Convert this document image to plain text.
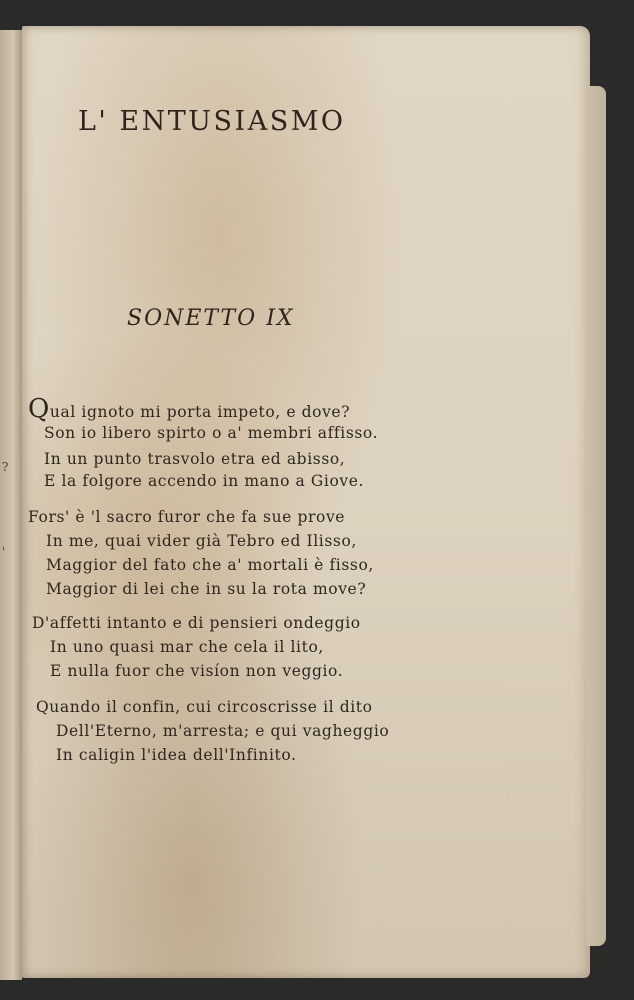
?
'
L' ENTUSIASMO
SONETTO IX
Qual ignoto mi porta impeto, e dove?
Son io libero spirto o a' membri affisso.
In un punto trasvolo etra ed abisso,
E la folgore accendo in mano a Giove.
Fors' è 'l sacro furor che fa sue prove
In me, quai vider già Tebro ed Ilisso,
Maggior del fato che a' mortali è fisso,
Maggior di lei che in su la rota move?
D'affetti intanto e di pensieri ondeggio
In uno quasi mar che cela il lito,
E nulla fuor che visíon non veggio.
Quando il confin, cui circoscrisse il dito
Dell'Eterno, m'arresta; e qui vagheggio
In caligin l'idea dell'Infinito.
